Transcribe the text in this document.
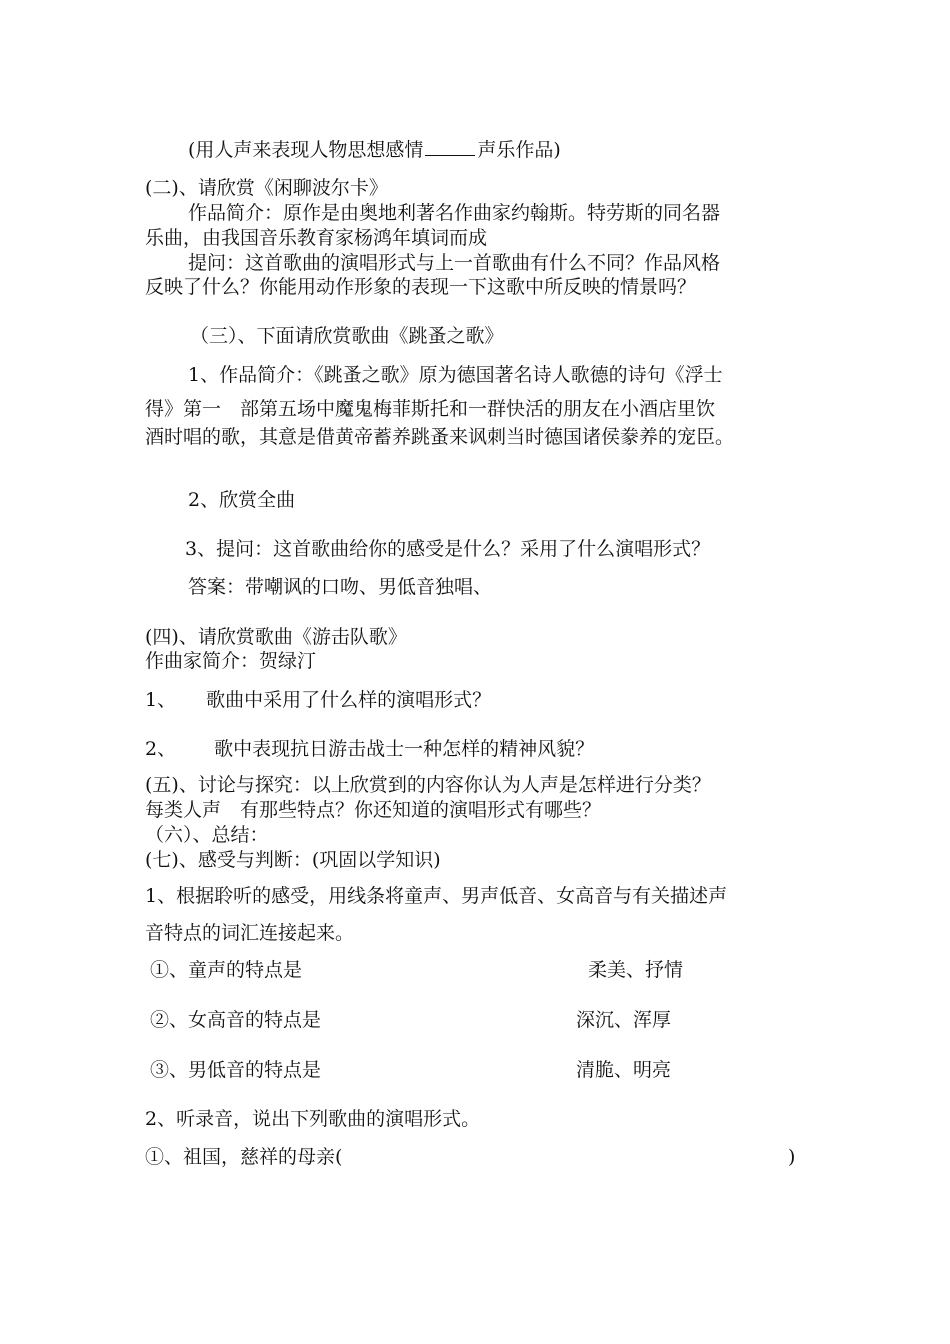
(用人声来表现人物思想感情	声乐作品)
(二)、请欣赏《闲聊波尔卡》
作品简介：原作是由奥地利著名作曲家约翰斯。特劳斯的同名器
乐曲，由我国音乐教育家杨鸿年填词而成
提问：这首歌曲的演唱形式与上一首歌曲有什么不同？作品风格
反映了什么？你能用动作形象的表现一下这歌中所反映的情景吗？
（三）、下面请欣赏歌曲《跳蚤之歌》
1、作品简介：《跳蚤之歌》原为德国著名诗人歌德的诗句《浮士
得》第一　部第五场中魔鬼梅菲斯托和一群快活的朋友在小酒店里饮
酒时唱的歌，其意是借黄帝蓄养跳蚤来讽刺当时德国诸侯豢养的宠臣。
2、欣赏全曲
3、提问：这首歌曲给你的感受是什么？采用了什么演唱形式？
答案：带嘲讽的口吻、男低音独唱、
(四)、请欣赏歌曲《游击队歌》
作曲家简介：贺绿汀
1、 歌曲中采用了什么样的演唱形式？
2、 歌中表现抗日游击战士一种怎样的精神风貌？
(五)、讨论与探究：以上欣赏到的内容你认为人声是怎样进行分类？
每类人声　有那些特点？你还知道的演唱形式有哪些？
（六）、总结：
(七)、感受与判断：(巩固以学知识)
1、根据聆听的感受，用线条将童声、男声低音、女高音与有关描述声
音特点的词汇连接起来。
①、童声的特点是	柔美、抒情
②、女高音的特点是	深沉、浑厚
③、男低音的特点是	清脆、明亮
2、听录音，说出下列歌曲的演唱形式。
①、祖国，慈祥的母亲(	)
